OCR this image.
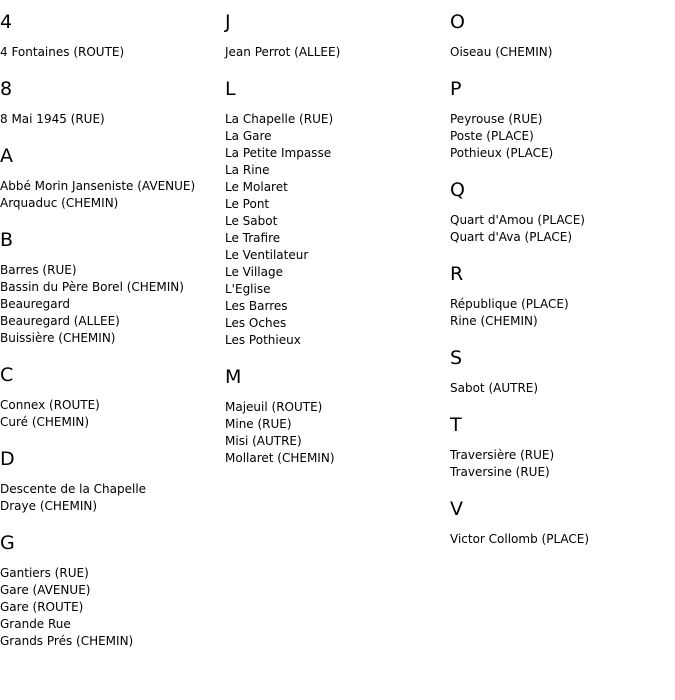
4
4 Fontaines (ROUTE)
8
8 Mai 1945 (RUE)
A
Abbé Morin Janseniste (AVENUE)
Arquaduc (CHEMIN)
B
Barres (RUE)
Bassin du Père Borel (CHEMIN)
Beauregard
Beauregard (ALLEE)
Buissière (CHEMIN)
C
Connex (ROUTE)
Curé (CHEMIN)
D
Descente de la Chapelle
Draye (CHEMIN)
G
Gantiers (RUE)
Gare (AVENUE)
Gare (ROUTE)
Grande Rue
Grands Prés (CHEMIN)
J
Jean Perrot (ALLEE)
L
La Chapelle (RUE)
La Gare
La Petite Impasse
La Rine
Le Molaret
Le Pont
Le Sabot
Le Trafire
Le Ventilateur
Le Village
L'Eglise
Les Barres
Les Oches
Les Pothieux
M
Majeuil (ROUTE)
Mine (RUE)
Misi (AUTRE)
Mollaret (CHEMIN)
O
Oiseau (CHEMIN)
P
Peyrouse (RUE)
Poste (PLACE)
Pothieux (PLACE)
Q
Quart d'Amou (PLACE)
Quart d'Ava (PLACE)
R
République (PLACE)
Rine (CHEMIN)
S
Sabot (AUTRE)
T
Traversière (RUE)
Traversine (RUE)
V
Victor Collomb (PLACE)
